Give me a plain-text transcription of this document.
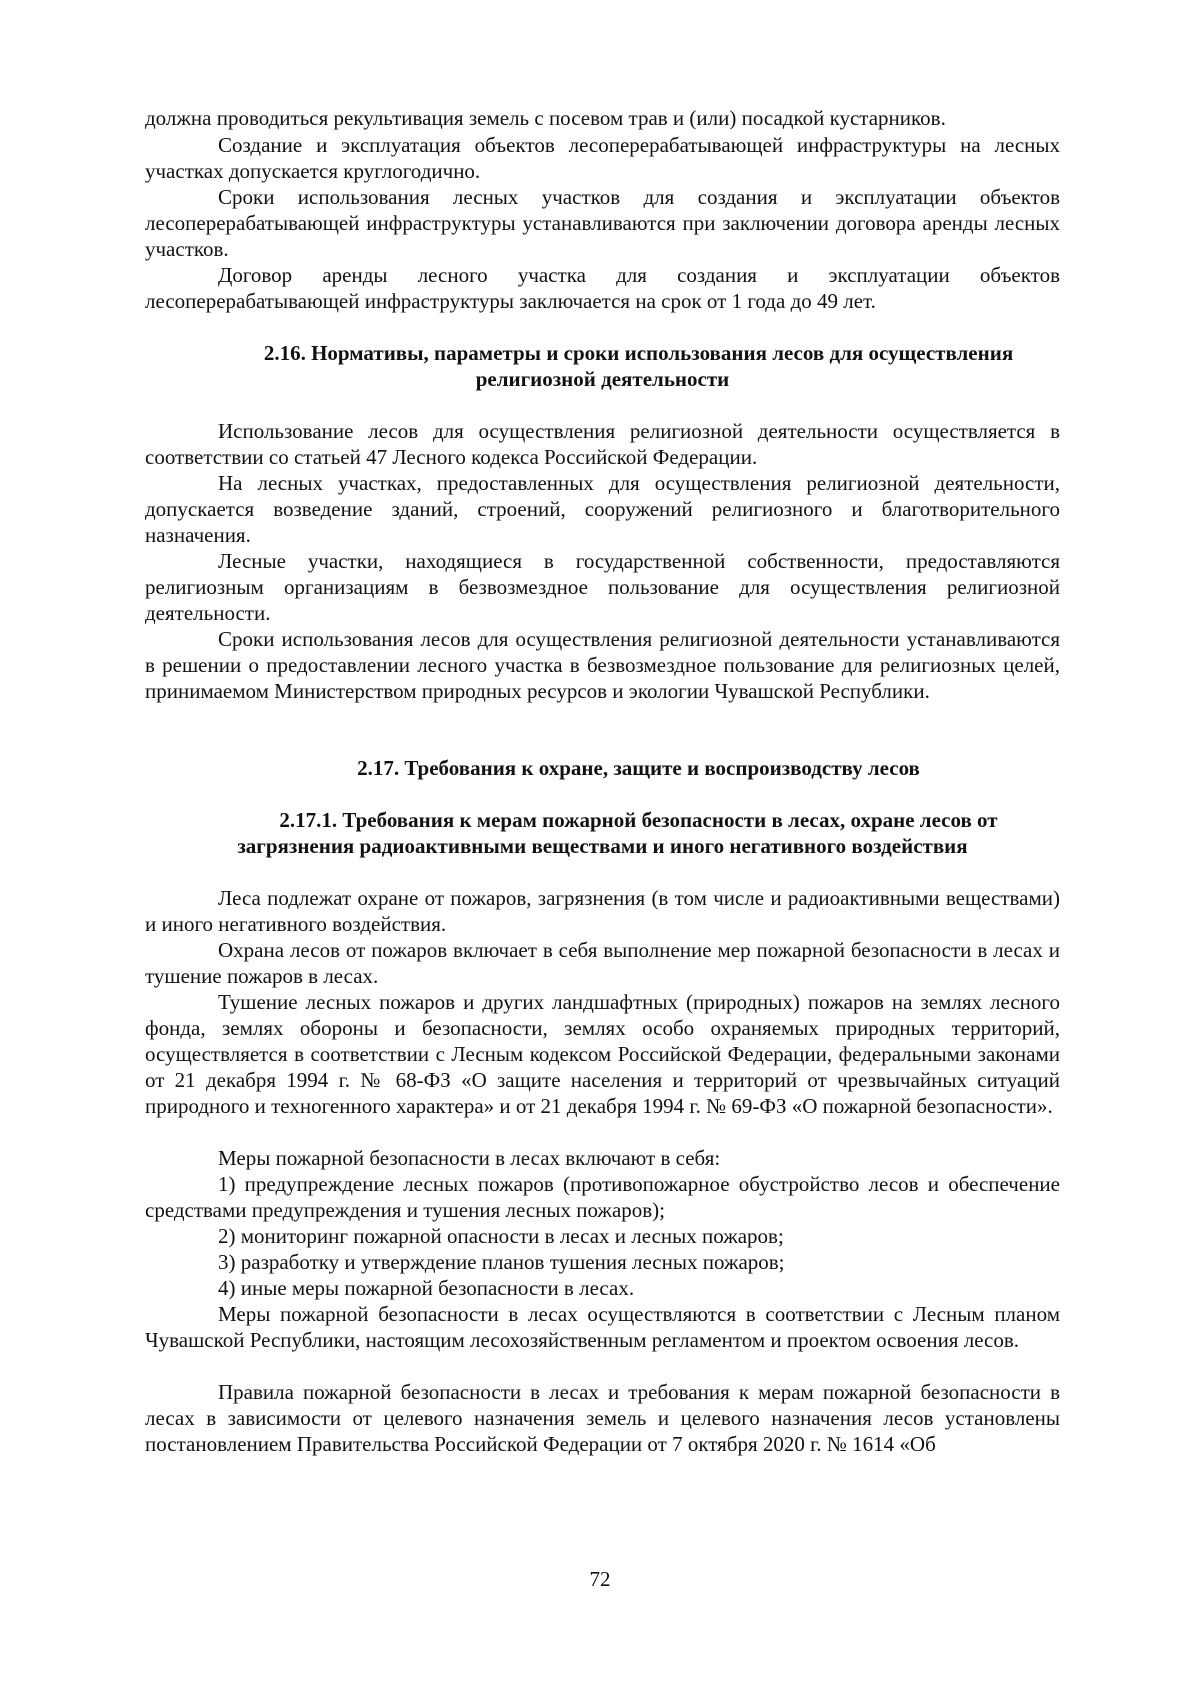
должна проводиться рекультивация земель с посевом трав и (или) посадкой кустарников.

Создание и эксплуатация объектов лесоперерабатывающей инфраструктуры на лесных участках допускается круглогодично.

Сроки использования лесных участков для создания и эксплуатации объектов лесоперерабатывающей инфраструктуры устанавливаются при заключении договора аренды лесных участков.

Договор аренды лесного участка для создания и эксплуатации объектов лесоперерабатывающей инфраструктуры заключается на срок от 1 года до 49 лет.

2.16. Нормативы, параметры и сроки использования лесов для осуществления
религиозной деятельности

Использование лесов для осуществления религиозной деятельности осуществляется в соответствии со статьей 47 Лесного кодекса Российской Федерации.

На лесных участках, предоставленных для осуществления религиозной деятельности, допускается возведение зданий, строений, сооружений религиозного и благотворительного назначения.

Лесные участки, находящиеся в государственной собственности, предоставляются религиозным организациям в безвозмездное пользование для осуществления религиозной деятельности.

Сроки использования лесов для осуществления религиозной деятельности устанавливаются в решении о предоставлении лесного участка в безвозмездное пользование для религиозных целей, принимаемом Министерством природных ресурсов и экологии Чувашской Республики.

2.17. Требования к охране, защите и воспроизводству лесов
2.17.1. Требования к мерам пожарной безопасности в лесах, охране лесов от
загрязнения радиоактивными веществами и иного негативного воздействия

Леса подлежат охране от пожаров, загрязнения (в том числе и радиоактивными веществами) и иного негативного воздействия.

Охрана лесов от пожаров включает в себя выполнение мер пожарной безопасности в лесах и тушение пожаров в лесах.

Тушение лесных пожаров и других ландшафтных (природных) пожаров на землях лесного фонда, землях обороны и безопасности, землях особо охраняемых природных территорий, осуществляется в соответствии с Лесным кодексом Российской Федерации, федеральными законами от 21 декабря 1994 г. № 68-ФЗ «О защите населения и территорий от чрезвычайных ситуаций природного и техногенного характера» и от 21 декабря 1994 г. № 69-ФЗ «О пожарной безопасности».

Меры пожарной безопасности в лесах включают в себя:

1) предупреждение лесных пожаров (противопожарное обустройство лесов и обеспечение средствами предупреждения и тушения лесных пожаров);

2) мониторинг пожарной опасности в лесах и лесных пожаров;

3) разработку и утверждение планов тушения лесных пожаров;

4) иные меры пожарной безопасности в лесах.

Меры пожарной безопасности в лесах осуществляются в соответствии с Лесным планом Чувашской Республики, настоящим лесохозяйственным регламентом и проектом освоения лесов.

Правила пожарной безопасности в лесах и требования к мерам пожарной безопасности в лесах в зависимости от целевого назначения земель и целевого назначения лесов установлены постановлением Правительства Российской Федерации от 7 октября 2020 г. № 1614 «Об

72
